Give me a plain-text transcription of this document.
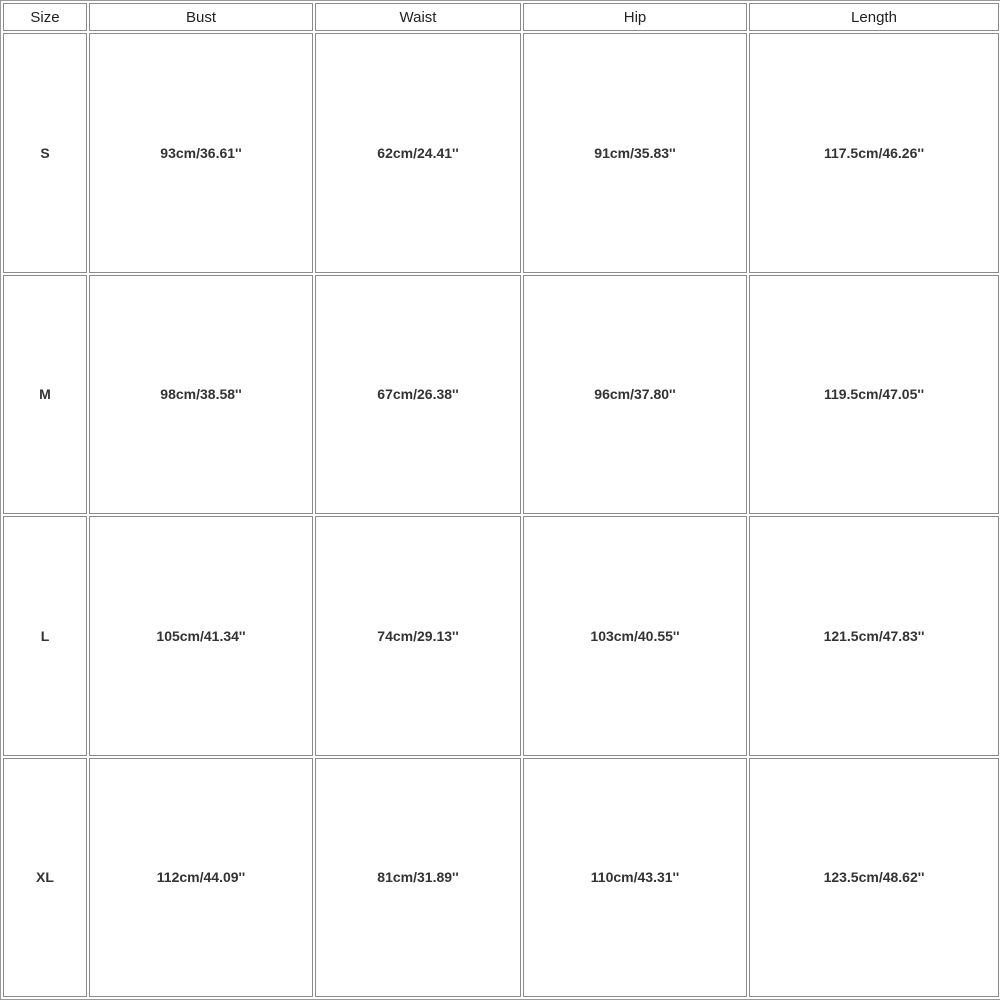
Size	Bust	Waist	Hip	Length
S	93cm/36.61''	62cm/24.41''	91cm/35.83''	117.5cm/46.26''
M	98cm/38.58''	67cm/26.38''	96cm/37.80''	119.5cm/47.05''
L	105cm/41.34''	74cm/29.13''	103cm/40.55''	121.5cm/47.83''
XL	112cm/44.09''	81cm/31.89''	110cm/43.31''	123.5cm/48.62''
